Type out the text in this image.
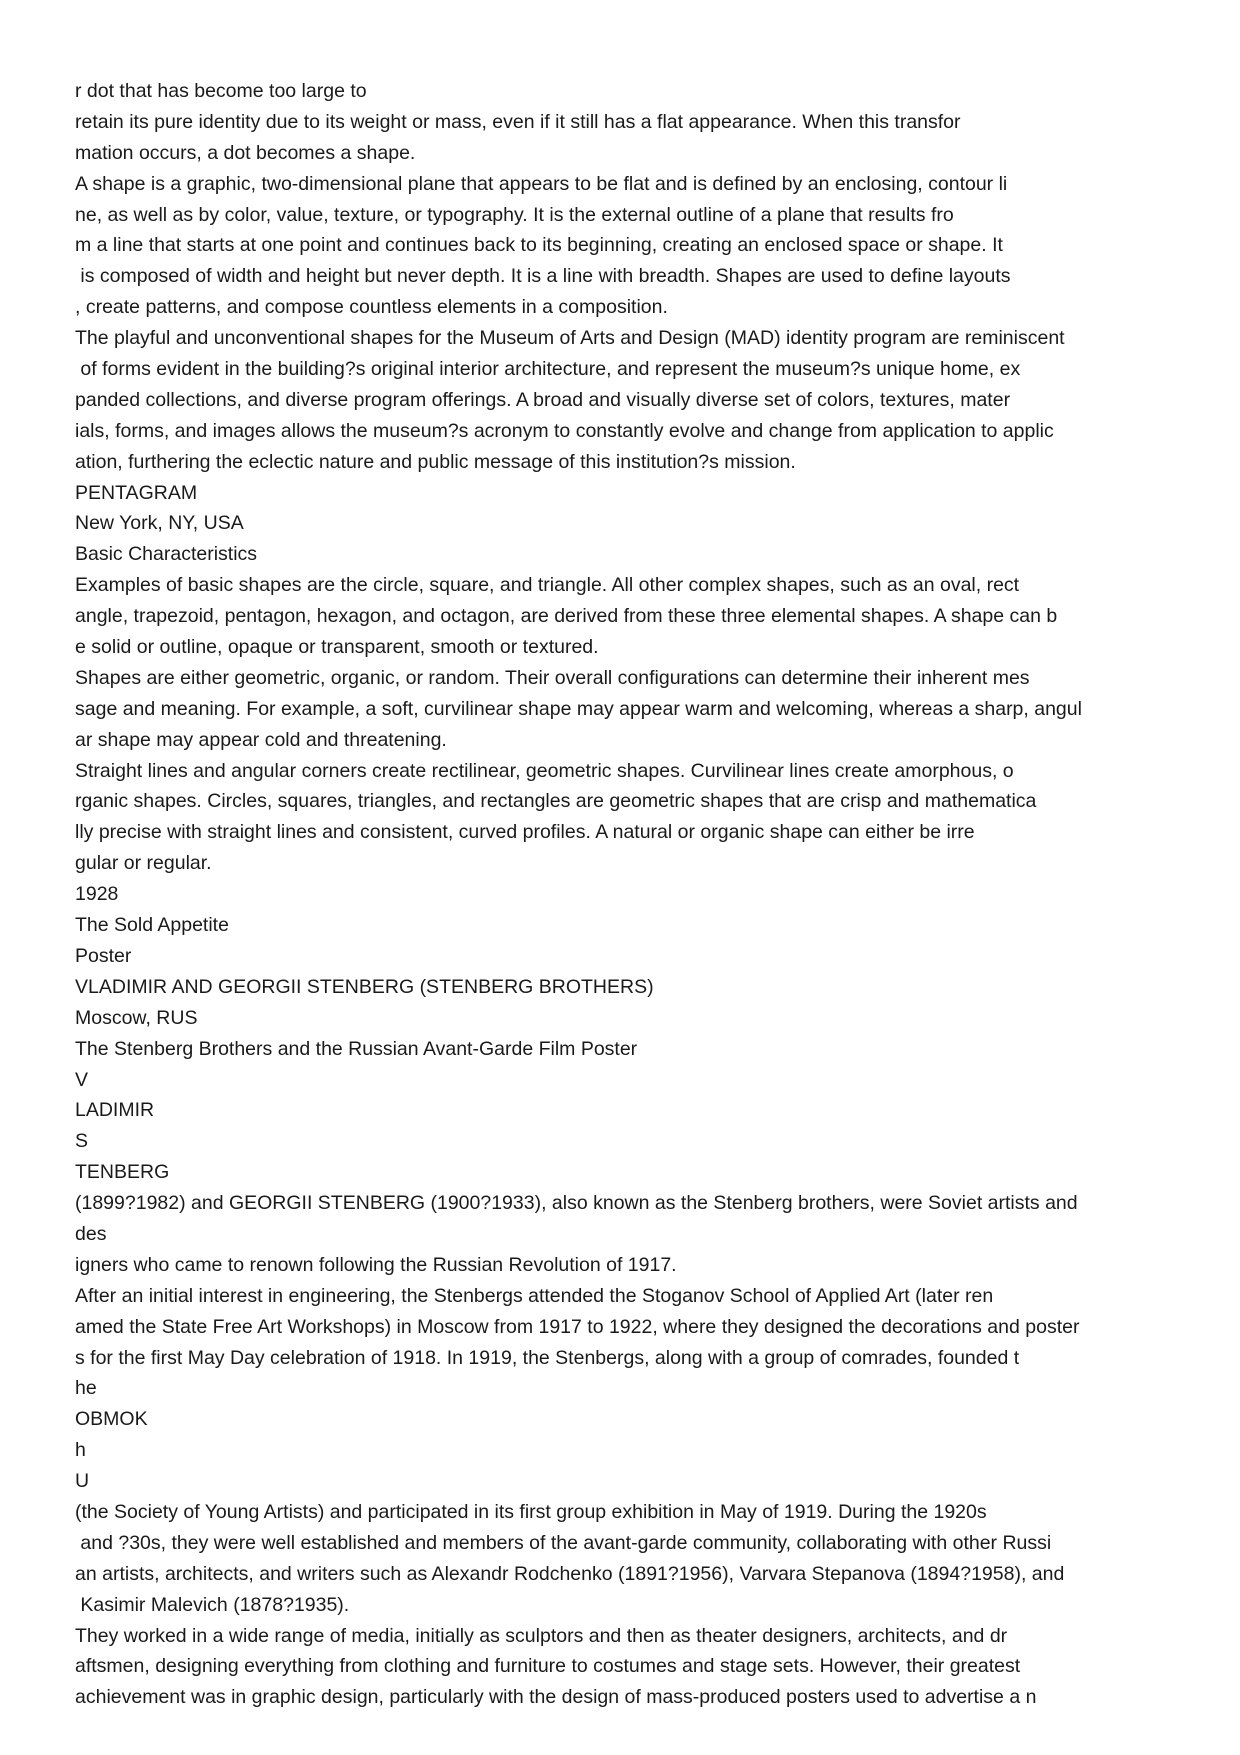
r dot that has become too large to
retain its pure identity due to its weight or mass, even if it still has a flat appearance. When this transfor
mation occurs, a dot becomes a shape.
A shape is a graphic, two-dimensional plane that appears to be flat and is defined by an enclosing, contour li
ne, as well as by color, value, texture, or typography. It is the external outline of a plane that results fro
m a line that starts at one point and continues back to its beginning, creating an enclosed space or shape. It
is composed of width and height but never depth. It is a line with breadth. Shapes are used to define layouts
, create patterns, and compose countless elements in a composition.
The playful and unconventional shapes for the Museum of Arts and Design (MAD) identity program are reminiscent
of forms evident in the building?s original interior architecture, and represent the museum?s unique home, ex
panded collections, and diverse program offerings. A broad and visually diverse set of colors, textures, mater
ials, forms, and images allows the museum?s acronym to constantly evolve and change from application to applic
ation, furthering the eclectic nature and public message of this institution?s mission.
PENTAGRAM
New York, NY, USA
Basic Characteristics
Examples of basic shapes are the circle, square, and triangle. All other complex shapes, such as an oval, rect
angle, trapezoid, pentagon, hexagon, and octagon, are derived from these three elemental shapes. A shape can b
e solid or outline, opaque or transparent, smooth or textured.
Shapes are either geometric, organic, or random. Their overall configurations can determine their inherent mes
sage and meaning. For example, a soft, curvilinear shape may appear warm and welcoming, whereas a sharp, angul
ar shape may appear cold and threatening.
Straight lines and angular corners create rectilinear, geometric shapes. Curvilinear lines create amorphous, o
rganic shapes. Circles, squares, triangles, and rectangles are geometric shapes that are crisp and mathematica
lly precise with straight lines and consistent, curved profiles. A natural or organic shape can either be irre
gular or regular.
1928
The Sold Appetite
Poster
VLADIMIR AND GEORGII STENBERG (STENBERG BROTHERS)
Moscow, RUS
The Stenberg Brothers and the Russian Avant-Garde Film Poster
V
LADIMIR
S
TENBERG
(1899?1982) and GEORGII STENBERG (1900?1933), also known as the Stenberg brothers, were Soviet artists and
des
igners who came to renown following the Russian Revolution of 1917.
After an initial interest in engineering, the Stenbergs attended the Stoganov School of Applied Art (later ren
amed the State Free Art Workshops) in Moscow from 1917 to 1922, where they designed the decorations and poster
s for the first May Day celebration of 1918. In 1919, the Stenbergs, along with a group of comrades, founded t
he
OBMOK
h
U
(the Society of Young Artists) and participated in its first group exhibition in May of 1919. During the 1920s
and ?30s, they were well established and members of the avant-garde community, collaborating with other Russi
an artists, architects, and writers such as Alexandr Rodchenko (1891?1956), Varvara Stepanova (1894?1958), and
Kasimir Malevich (1878?1935).
They worked in a wide range of media, initially as sculptors and then as theater designers, architects, and dr
aftsmen, designing everything from clothing and furniture to costumes and stage sets. However, their greatest
achievement was in graphic design, particularly with the design of mass-produced posters used to advertise a n
